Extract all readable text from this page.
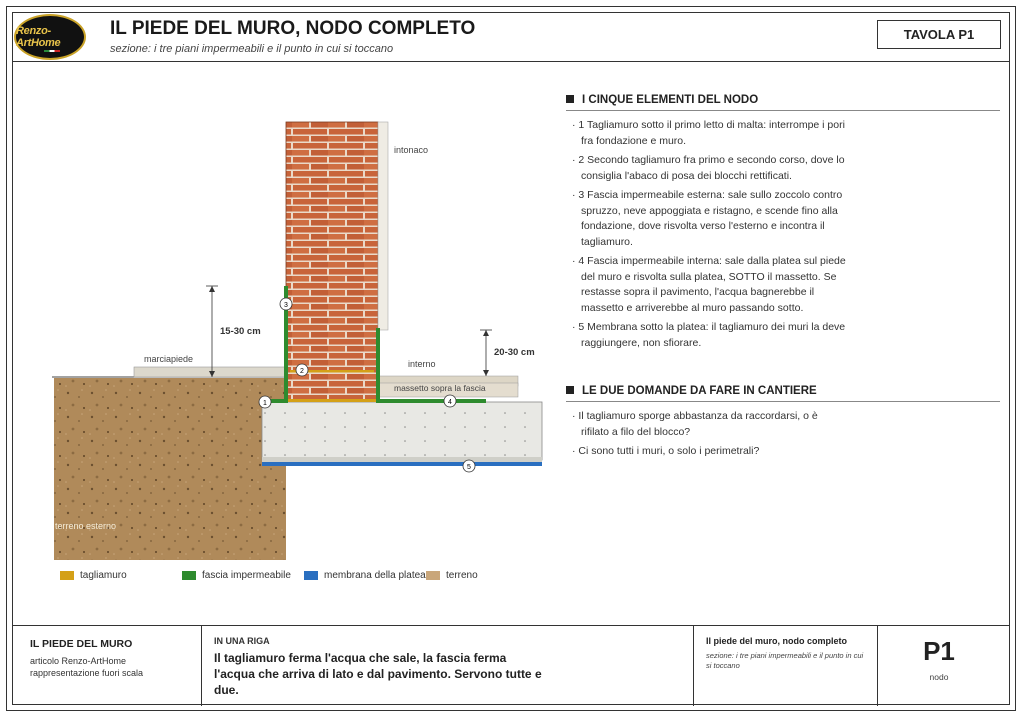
Renzo-ArtHome
IL PIEDE DEL MURO, NODO COMPLETO
sezione: i tre piani impermeabili e il punto in cui si toccano
TAVOLA P1
I CINQUE ELEMENTI DEL NODO
· 1 Tagliamuro sotto il primo letto di malta: interrompe i pori fra fondazione e muro.
· 2 Secondo tagliamuro fra primo e secondo corso, dove lo consiglia l'abaco di posa dei blocchi rettificati.
· 3 Fascia impermeabile esterna: sale sullo zoccolo contro spruzzo, neve appoggiata e ristagno, e scende fino alla fondazione, dove risvolta verso l'esterno e incontra il tagliamuro.
· 4 Fascia impermeabile interna: sale dalla platea sul piede del muro e risvolta sulla platea, SOTTO il massetto. Se restasse sopra il pavimento, l'acqua bagnerebbe il massetto e arriverebbe al muro passando sotto.
· 5 Membrana sotto la platea: il tagliamuro dei muri la deve raggiungere, non sfiorare.
LE DUE DOMANDE DA FARE IN CANTIERE
· Il tagliamuro sporge abbastanza da raccordarsi, o è rifilato a filo del blocco?
· Ci sono tutti i muri, o solo i perimetrali?
15-30 cm
20-30 cm
intonaco
marciapiede	interno
massetto sopra la fascia
terreno esterno
1
2
3
4
5
tagliamuro	fascia impermeabile	membrana della platea terreno
IL PIEDE DEL MURO
articolo Renzo-ArtHome
rappresentazione fuori scala
IN UNA RIGA
Il tagliamuro ferma l'acqua che sale, la fascia ferma l'acqua che arriva di lato e dal pavimento. Servono tutte e due.
Il piede del muro, nodo completo
sezione: i tre piani impermeabili e il punto in cui si toccano	P1
nodo
